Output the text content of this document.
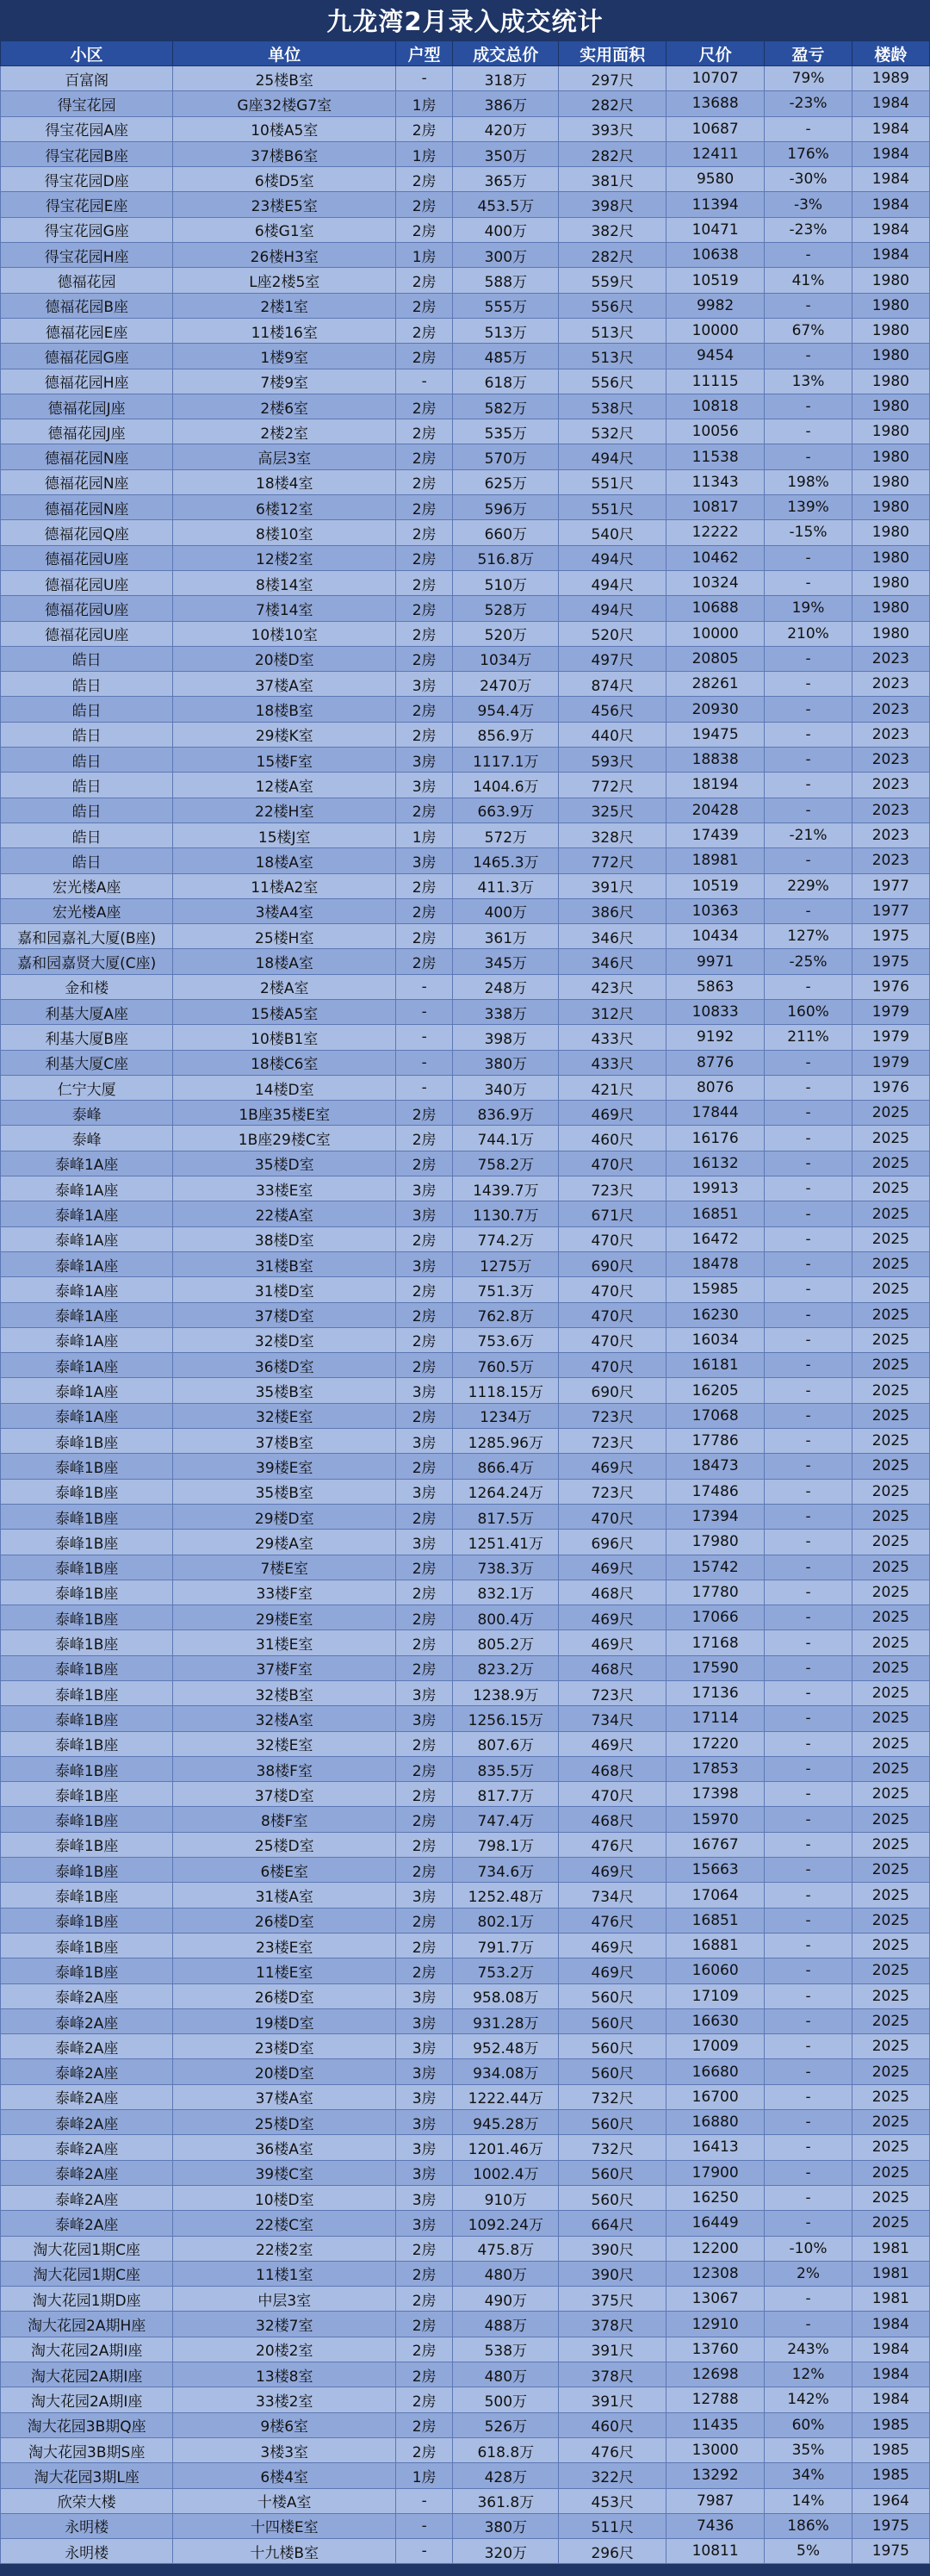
九龙湾2月录入成交统计
小区	单位	户型	成交总价	实用面积	尺价	盈亏	楼龄
百富阁	25楼B室	-	318万	297尺	10707	79%	1989
得宝花园	G座32楼G7室	1房	386万	282尺	13688	-23%	1984
得宝花园A座	10楼A5室	2房	420万	393尺	10687	-	1984
得宝花园B座	37楼B6室	1房	350万	282尺	12411	176%	1984
得宝花园D座	6楼D5室	2房	365万	381尺	9580	-30%	1984
得宝花园E座	23楼E5室	2房	453.5万	398尺	11394	-3%	1984
得宝花园G座	6楼G1室	2房	400万	382尺	10471	-23%	1984
得宝花园H座	26楼H3室	1房	300万	282尺	10638	-	1984
德福花园	L座2楼5室	2房	588万	559尺	10519	41%	1980
德福花园B座	2楼1室	2房	555万	556尺	9982	-	1980
德福花园E座	11楼16室	2房	513万	513尺	10000	67%	1980
德福花园G座	1楼9室	2房	485万	513尺	9454	-	1980
德福花园H座	7楼9室	-	618万	556尺	11115	13%	1980
德福花园J座	2楼6室	2房	582万	538尺	10818	-	1980
德福花园J座	2楼2室	2房	535万	532尺	10056	-	1980
德福花园N座	高层3室	2房	570万	494尺	11538	-	1980
德福花园N座	18楼4室	2房	625万	551尺	11343	198%	1980
德福花园N座	6楼12室	2房	596万	551尺	10817	139%	1980
德福花园Q座	8楼10室	2房	660万	540尺	12222	-15%	1980
德福花园U座	12楼2室	2房	516.8万	494尺	10462	-	1980
德福花园U座	8楼14室	2房	510万	494尺	10324	-	1980
德福花园U座	7楼14室	2房	528万	494尺	10688	19%	1980
德福花园U座	10楼10室	2房	520万	520尺	10000	210%	1980
皓日	20楼D室	2房	1034万	497尺	20805	-	2023
皓日	37楼A室	3房	2470万	874尺	28261	-	2023
皓日	18楼B室	2房	954.4万	456尺	20930	-	2023
皓日	29楼K室	2房	856.9万	440尺	19475	-	2023
皓日	15楼F室	3房	1117.1万	593尺	18838	-	2023
皓日	12楼A室	3房	1404.6万	772尺	18194	-	2023
皓日	22楼H室	2房	663.9万	325尺	20428	-	2023
皓日	15楼J室	1房	572万	328尺	17439	-21%	2023
皓日	18楼A室	3房	1465.3万	772尺	18981	-	2023
宏光楼A座	11楼A2室	2房	411.3万	391尺	10519	229%	1977
宏光楼A座	3楼A4室	2房	400万	386尺	10363	-	1977
嘉和园嘉礼大厦(B座)	25楼H室	2房	361万	346尺	10434	127%	1975
嘉和园嘉贤大厦(C座)	18楼A室	2房	345万	346尺	9971	-25%	1975
金和楼	2楼A室	-	248万	423尺	5863	-	1976
利基大厦A座	15楼A5室	-	338万	312尺	10833	160%	1979
利基大厦B座	10楼B1室	-	398万	433尺	9192	211%	1979
利基大厦C座	18楼C6室	-	380万	433尺	8776	-	1979
仁宁大厦	14楼D室	-	340万	421尺	8076	-	1976
泰峰	1B座35楼E室	2房	836.9万	469尺	17844	-	2025
泰峰	1B座29楼C室	2房	744.1万	460尺	16176	-	2025
泰峰1A座	35楼D室	2房	758.2万	470尺	16132	-	2025
泰峰1A座	33楼E室	3房	1439.7万	723尺	19913	-	2025
泰峰1A座	22楼A室	3房	1130.7万	671尺	16851	-	2025
泰峰1A座	38楼D室	2房	774.2万	470尺	16472	-	2025
泰峰1A座	31楼B室	3房	1275万	690尺	18478	-	2025
泰峰1A座	31楼D室	2房	751.3万	470尺	15985	-	2025
泰峰1A座	37楼D室	2房	762.8万	470尺	16230	-	2025
泰峰1A座	32楼D室	2房	753.6万	470尺	16034	-	2025
泰峰1A座	36楼D室	2房	760.5万	470尺	16181	-	2025
泰峰1A座	35楼B室	3房	1118.15万	690尺	16205	-	2025
泰峰1A座	32楼E室	2房	1234万	723尺	17068	-	2025
泰峰1B座	37楼B室	3房	1285.96万	723尺	17786	-	2025
泰峰1B座	39楼E室	2房	866.4万	469尺	18473	-	2025
泰峰1B座	35楼B室	3房	1264.24万	723尺	17486	-	2025
泰峰1B座	29楼D室	2房	817.5万	470尺	17394	-	2025
泰峰1B座	29楼A室	3房	1251.41万	696尺	17980	-	2025
泰峰1B座	7楼E室	2房	738.3万	469尺	15742	-	2025
泰峰1B座	33楼F室	2房	832.1万	468尺	17780	-	2025
泰峰1B座	29楼E室	2房	800.4万	469尺	17066	-	2025
泰峰1B座	31楼E室	2房	805.2万	469尺	17168	-	2025
泰峰1B座	37楼F室	2房	823.2万	468尺	17590	-	2025
泰峰1B座	32楼B室	3房	1238.9万	723尺	17136	-	2025
泰峰1B座	32楼A室	3房	1256.15万	734尺	17114	-	2025
泰峰1B座	32楼E室	2房	807.6万	469尺	17220	-	2025
泰峰1B座	38楼F室	2房	835.5万	468尺	17853	-	2025
泰峰1B座	37楼D室	2房	817.7万	470尺	17398	-	2025
泰峰1B座	8楼F室	2房	747.4万	468尺	15970	-	2025
泰峰1B座	25楼D室	2房	798.1万	476尺	16767	-	2025
泰峰1B座	6楼E室	2房	734.6万	469尺	15663	-	2025
泰峰1B座	31楼A室	3房	1252.48万	734尺	17064	-	2025
泰峰1B座	26楼D室	2房	802.1万	476尺	16851	-	2025
泰峰1B座	23楼E室	2房	791.7万	469尺	16881	-	2025
泰峰1B座	11楼E室	2房	753.2万	469尺	16060	-	2025
泰峰2A座	26楼D室	3房	958.08万	560尺	17109	-	2025
泰峰2A座	19楼D室	3房	931.28万	560尺	16630	-	2025
泰峰2A座	23楼D室	3房	952.48万	560尺	17009	-	2025
泰峰2A座	20楼D室	3房	934.08万	560尺	16680	-	2025
泰峰2A座	37楼A室	3房	1222.44万	732尺	16700	-	2025
泰峰2A座	25楼D室	3房	945.28万	560尺	16880	-	2025
泰峰2A座	36楼A室	3房	1201.46万	732尺	16413	-	2025
泰峰2A座	39楼C室	3房	1002.4万	560尺	17900	-	2025
泰峰2A座	10楼D室	3房	910万	560尺	16250	-	2025
泰峰2A座	22楼C室	3房	1092.24万	664尺	16449	-	2025
淘大花园1期C座	22楼2室	2房	475.8万	390尺	12200	-10%	1981
淘大花园1期C座	11楼1室	2房	480万	390尺	12308	2%	1981
淘大花园1期D座	中层3室	2房	490万	375尺	13067	-	1981
淘大花园2A期H座	32楼7室	2房	488万	378尺	12910	-	1984
淘大花园2A期I座	20楼2室	2房	538万	391尺	13760	243%	1984
淘大花园2A期I座	13楼8室	2房	480万	378尺	12698	12%	1984
淘大花园2A期I座	33楼2室	2房	500万	391尺	12788	142%	1984
淘大花园3B期Q座	9楼6室	2房	526万	460尺	11435	60%	1985
淘大花园3B期S座	3楼3室	2房	618.8万	476尺	13000	35%	1985
淘大花园3期L座	6楼4室	1房	428万	322尺	13292	34%	1985
欣荣大楼	十楼A室	-	361.8万	453尺	7987	14%	1964
永明楼	十四楼E室	-	380万	511尺	7436	186%	1975
永明楼	十九楼B室	-	320万	296尺	10811	5%	1975
